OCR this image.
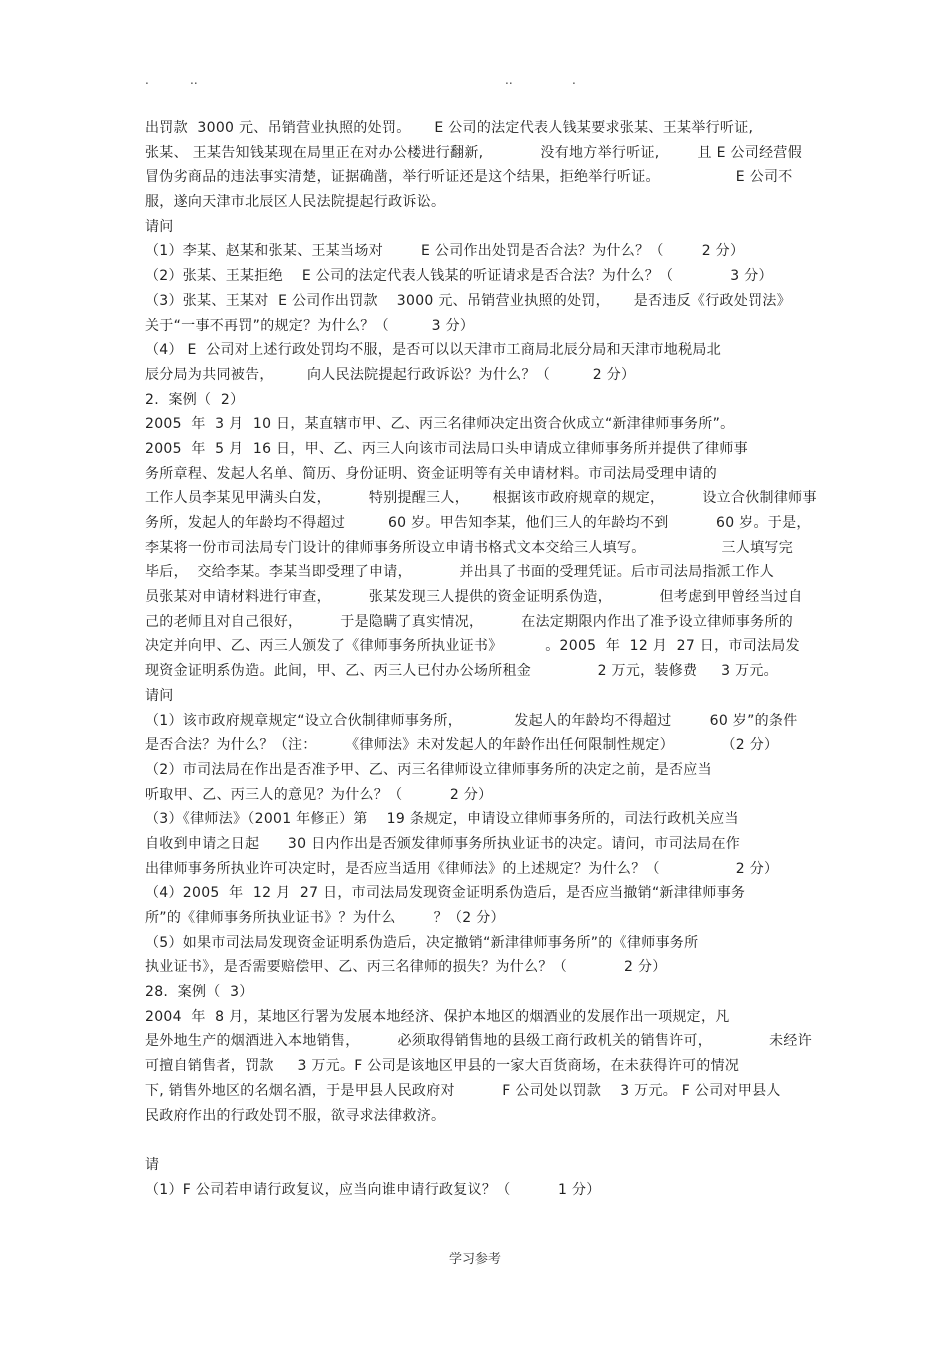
.	..	..	.
出罚款  3000 元、吊销营业执照的处罚。     E 公司的法定代表人钱某要求张某、王某举行听证,
张某、 王某告知钱某现在局里正在对办公楼进行翻新,            没有地方举行听证,        且 E 公司经营假
冒伪劣商品的违法事实清楚，证据确凿，举行听证还是这个结果，拒绝举行听证。                E 公司不
服，遂向天津市北辰区人民法院提起行政诉讼。
请问
（1）李某、赵某和张某、王某当场对        E 公司作出处罚是否合法？为什么？（        2 分）
（2）张某、王某拒绝    E 公司的法定代表人钱某的听证请求是否合法？为什么？（            3 分）
（3）张某、王某对  E 公司作出罚款    3000 元、吊销营业执照的处罚，     是否违反《行政处罚法》
关于“一事不再罚”的规定？为什么？（         3 分）
（4） E  公司对上述行政处罚均不服，是否可以以天津市工商局北辰分局和天津市地税局北
辰分局为共同被告，       向人民法院提起行政诉讼？为什么？（         2 分）
2.  案例（  2）
2005  年  3 月  10 日，某直辖市甲、乙、丙三名律师决定出资合伙成立“新津律师事务所”。
2005  年  5 月  16 日，甲、乙、丙三人向该市司法局口头申请成立律师事务所并提供了律师事
务所章程、发起人名单、简历、身份证明、资金证明等有关申请材料。市司法局受理申请的
工作人员李某见甲满头白发，        特别提醒三人，     根据该市政府规章的规定，        设立合伙制律师事
务所，发起人的年龄均不得超过         60 岁。甲告知李某，他们三人的年龄均不到          60 岁。于是，
李某将一份市司法局专门设计的律师事务所设立申请书格式文本交给三人填写。                三人填写完
毕后，  交给李某。李某当即受理了申请，          并出具了书面的受理凭证。后市司法局指派工作人
员张某对申请材料进行审查，        张某发现三人提供的资金证明系伪造，          但考虑到甲曾经当过自
己的老师且对自己很好，        于是隐瞒了真实情况，        在法定期限内作出了准予设立律师事务所的
决定并向甲、乙、丙三人颁发了《律师事务所执业证书》         。2005  年  12 月  27 日，市司法局发
现资金证明系伪造。此间，甲、乙、丙三人已付办公场所租金              2 万元，装修费     3 万元。
请问
（1）该市政府规章规定“设立合伙制律师事务所，           发起人的年龄均不得超过        60 岁”的条件
是否合法？为什么？（注：      《律师法》未对发起人的年龄作出任何限制性规定）          （2 分）
（2）市司法局在作出是否准予甲、乙、丙三名律师设立律师事务所的决定之前，是否应当
听取甲、乙、丙三人的意见？为什么？（          2 分）
（3）《律师法》（2001 年修正）第    19 条规定，申请设立律师事务所的，司法行政机关应当
自收到申请之日起      30 日内作出是否颁发律师事务所执业证书的决定。请问，市司法局在作
出律师事务所执业许可决定时，是否应当适用《律师法》的上述规定？为什么？（                2 分）
（4）2005  年  12 月  27 日，市司法局发现资金证明系伪造后，是否应当撤销“新津律师事务
所”的《律师事务所执业证书》？为什么        ？（2 分）
（5）如果市司法局发现资金证明系伪造后，决定撤销“新津律师事务所”的《律师事务所
执业证书》，是否需要赔偿甲、乙、丙三名律师的损失？为什么？（            2 分）
28.  案例（  3）
2004  年  8 月，某地区行署为发展本地经济、保护本地区的烟酒业的发展作出一项规定，凡
是外地生产的烟酒进入本地销售，        必须取得销售地的县级工商行政机关的销售许可，            未经许
可擅自销售者，罚款     3 万元。F 公司是该地区甲县的一家大百货商场，在未获得许可的情况
下, 销售外地区的名烟名酒，于是甲县人民政府对          F 公司处以罚款    3 万元。 F 公司对甲县人
民政府作出的行政处罚不服，欲寻求法律救济。
请
（1）F 公司若申请行政复议，应当向谁申请行政复议？（          1 分）
学习参考
